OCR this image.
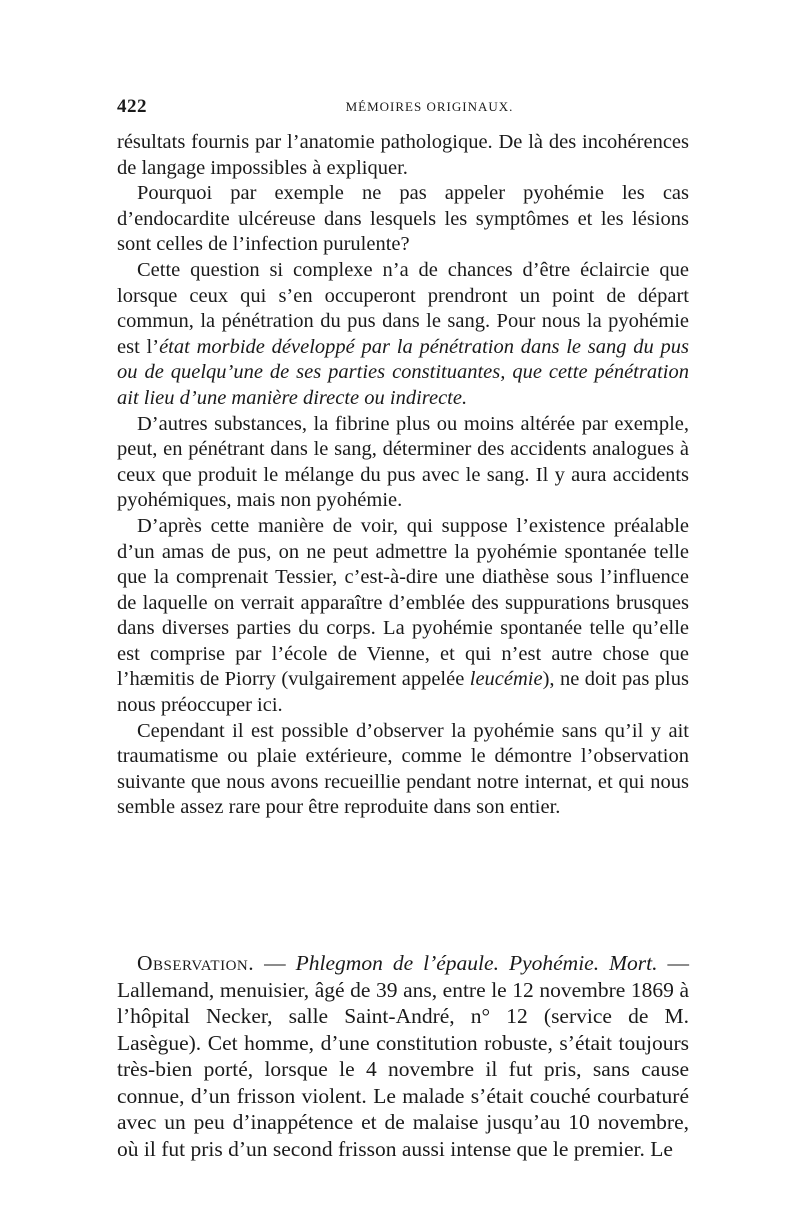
422	MÉMOIRES ORIGINAUX.

résultats fournis par l’anatomie pathologique. De là des incohérences de langage impossibles à expliquer.

Pourquoi par exemple ne pas appeler pyohémie les cas d’endocardite ulcéreuse dans lesquels les symptômes et les lésions sont celles de l’infection purulente?

Cette question si complexe n’a de chances d’être éclaircie que lorsque ceux qui s’en occuperont prendront un point de départ commun, la pénétration du pus dans le sang. Pour nous la pyohémie est l’état morbide développé par la pénétration dans le sang du pus ou de quelqu’une de ses parties constituantes, que cette pénétration ait lieu d’une manière directe ou indirecte.

D’autres substances, la fibrine plus ou moins altérée par exemple, peut, en pénétrant dans le sang, déterminer des accidents analogues à ceux que produit le mélange du pus avec le sang. Il y aura accidents pyohémiques, mais non pyohémie.

D’après cette manière de voir, qui suppose l’existence préalable d’un amas de pus, on ne peut admettre la pyohémie spontanée telle que la comprenait Tessier, c’est-à-dire une diathèse sous l’influence de laquelle on verrait apparaître d’emblée des suppurations brusques dans diverses parties du corps. La pyohémie spontanée telle qu’elle est comprise par l’école de Vienne, et qui n’est autre chose que l’hæmitis de Piorry (vulgairement appelée leucémie), ne doit pas plus nous préoccuper ici.

Cependant il est possible d’observer la pyohémie sans qu’il y ait traumatisme ou plaie extérieure, comme le démontre l’observation suivante que nous avons recueillie pendant notre internat, et qui nous semble assez rare pour être reproduite dans son entier.

Observation. — Phlegmon de l’épaule. Pyohémie. Mort. — Lallemand, menuisier, âgé de 39 ans, entre le 12 novembre 1869 à l’hôpital Necker, salle Saint-André, n° 12 (service de M. Lasègue). Cet homme, d’une constitution robuste, s’était toujours très-bien porté, lorsque le 4 novembre il fut pris, sans cause connue, d’un frisson violent. Le malade s’était couché courbaturé avec un peu d’inappétence et de malaise jusqu’au 10 novembre, où il fut pris d’un second frisson aussi intense que le premier. Le
